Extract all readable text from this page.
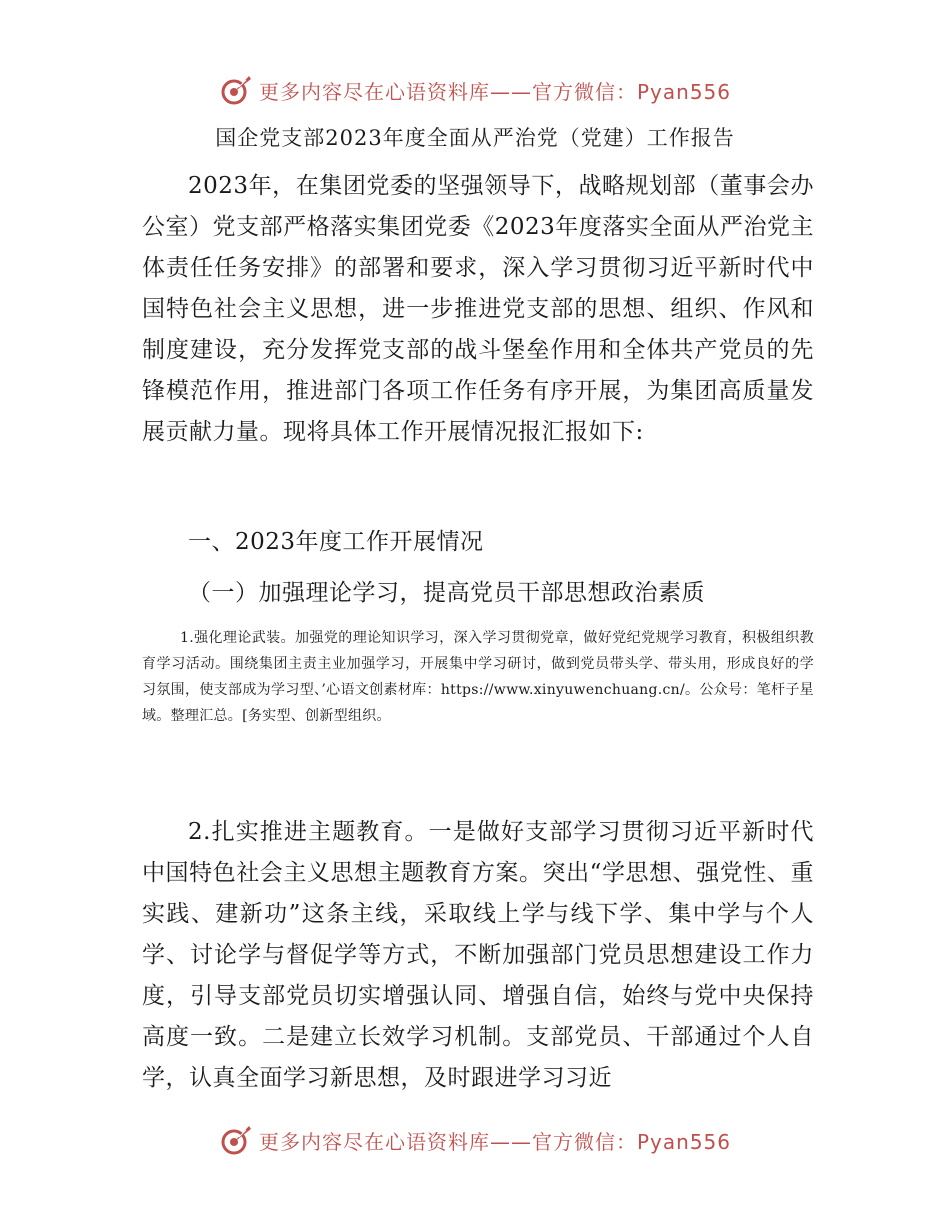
更多内容尽在心语资料库——官方微信：Pyan556
国企党支部2023年度全面从严治党（党建）工作报告

2023年，在集团党委的坚强领导下，战略规划部（董事会办公室）党支部严格落实集团党委《2023年度落实全面从严治党主体责任任务安排》的部署和要求，深入学习贯彻习近平新时代中国特色社会主义思想，进一步推进党支部的思想、组织、作风和制度建设，充分发挥党支部的战斗堡垒作用和全体共产党员的先锋模范作用，推进部门各项工作任务有序开展，为集团高质量发展贡献力量。现将具体工作开展情况报汇报如下:

一、2023年度工作开展情况

（一）加强理论学习，提高党员干部思想政治素质

1.强化理论武装。加强党的理论知识学习，深入学习贯彻党章，做好党纪党规学习教育，积极组织教育学习活动。围绕集团主责主业加强学习，开展集中学习研讨，做到党员带头学、带头用，形成良好的学习氛围，使支部成为学习型、’心语文创素材库：https://www.xinyuwenchuang.cn/。公众号：笔杆子星域。整理汇总。[务实型、创新型组织。

2.扎实推进主题教育。一是做好支部学习贯彻习近平新时代中国特色社会主义思想主题教育方案。突出“学思想、强党性、重实践、建新功”这条主线，采取线上学与线下学、集中学与个人学、讨论学与督促学等方式，不断加强部门党员思想建设工作力度，引导支部党员切实增强认同、增强自信，始终与党中央保持高度一致。二是建立长效学习机制。支部党员、干部通过个人自学，认真全面学习新思想，及时跟进学习习近

更多内容尽在心语资料库——官方微信：Pyan556
